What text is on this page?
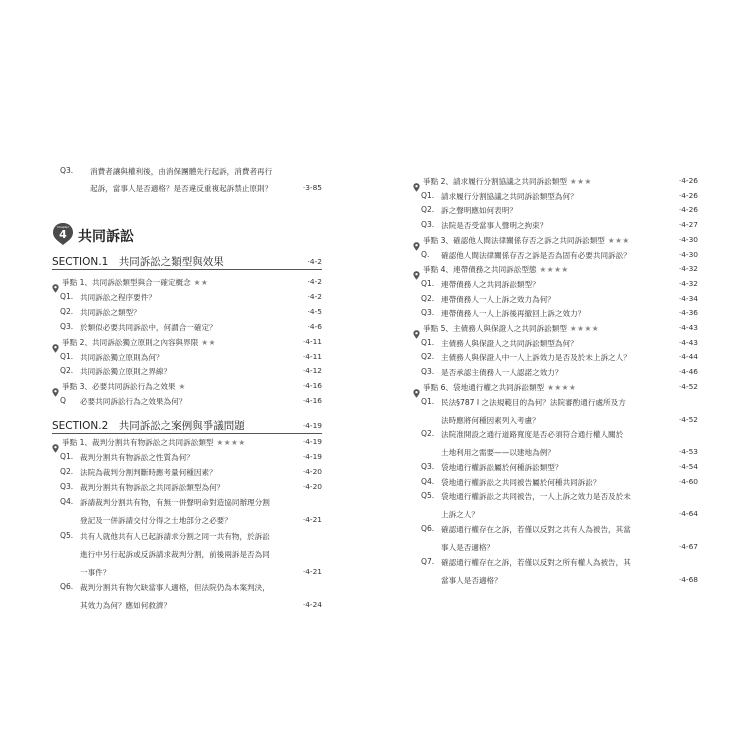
Q3. 消費者讓與權利後，由消保團體先行起訴，消費者再行
起訴，當事人是否適格？是否違反重複起訴禁止原則？	‧3-85
Chapter
4 共同訴訟
SECTION.1　共同訴訟之類型與效果	‧4-2
爭點 1、共同訴訟類型與合一確定概念 ★★	‧4-2
Q1. 共同訴訟之程序要件？	‧4-2
Q2. 共同訴訟之類型？	‧4-5
Q3. 於類似必要共同訴訟中，何謂合一確定？	‧4-6
爭點 2、共同訴訟獨立原則之內容與界限 ★★	‧4-11
Q1. 共同訴訟獨立原則為何？	‧4-11
Q2. 共同訴訟獨立原則之界線？	‧4-12
爭點 3、必要共同訴訟行為之效果 ★	‧4-16
Q 必要共同訴訟行為之效果為何？	‧4-16
SECTION.2　共同訴訟之案例與爭議問題	‧4-19
爭點 1、裁判分割共有物訴訟之共同訴訟類型 ★★★★	‧4-19
Q1. 裁判分割共有物訴訟之性質為何？	‧4-19
Q2. 法院為裁判分割判斷時應考量何種因素？	‧4-20
Q3. 裁判分割共有物訴訟之共同訴訟類型為何？	‧4-20
Q4. 訴請裁判分割共有物，有無一併聲明命對造協同辦理分割
登記及一併訴請交付分得之土地部分之必要？	‧4-21
Q5. 共有人就他共有人已起訴請求分割之同一共有物，於訴訟
進行中另行起訴或反訴請求裁判分割，前後兩訴是否為同
一事件？	‧4-21
Q6. 裁判分割共有物欠缺當事人適格，但法院仍為本案判決，
其效力為何？應如何救濟？	‧4-24
爭點 2、請求履行分割協議之共同訴訟類型 ★★★	‧4-26
Q1. 請求履行分割協議之共同訴訟類型為何？	‧4-26
Q2. 訴之聲明應如何表明？	‧4-26
Q3. 法院是否受當事人聲明之拘束？	‧4-27
爭點 3、確認他人間法律關係存否之訴之共同訴訟類型 ★★★	‧4-30
Q. 確認他人間法律關係存否之訴是否為固有必要共同訴訟？	‧4-30
爭點 4、連帶債務之共同訴訟型態 ★★★★	‧4-32
Q1. 連帶債務人之共同訴訟類型？	‧4-32
Q2. 連帶債務人一人上訴之效力為何？	‧4-34
Q3. 連帶債務人一人上訴後再撤回上訴之效力？	‧4-36
爭點 5、主債務人與保證人之共同訴訟類型 ★★★★	‧4-43
Q1. 主債務人與保證人之共同訴訟類型為何？	‧4-43
Q2. 主債務人與保證人中一人上訴效力是否及於未上訴之人？	‧4-44
Q3. 是否承認主債務人一人認諾之效力？	‧4-46
爭點 6、袋地通行權之共同訴訟類型 ★★★★	‧4-52
Q1. 民法§787 I 之法規範目的為何？法院審酌通行處所及方
法時應將何種因素列入考慮？	‧4-52
Q2. 法院准開設之通行道路寬度是否必須符合通行權人關於
土地利用之需要——以建地為例？	‧4-53
Q3. 袋地通行權訴訟屬於何種訴訟類型？	‧4-54
Q4. 袋地通行權訴訟之共同被告屬於何種共同訴訟？	‧4-60
Q5. 袋地通行權訴訟之共同被告，一人上訴之效力是否及於未
上訴之人？	‧4-64
Q6. 確認通行權存在之訴，若僅以反對之共有人為被告，其當
事人是否適格？	‧4-67
Q7. 確認通行權存在之訴，若僅以反對之所有權人為被告，其
當事人是否適格？	‧4-68
